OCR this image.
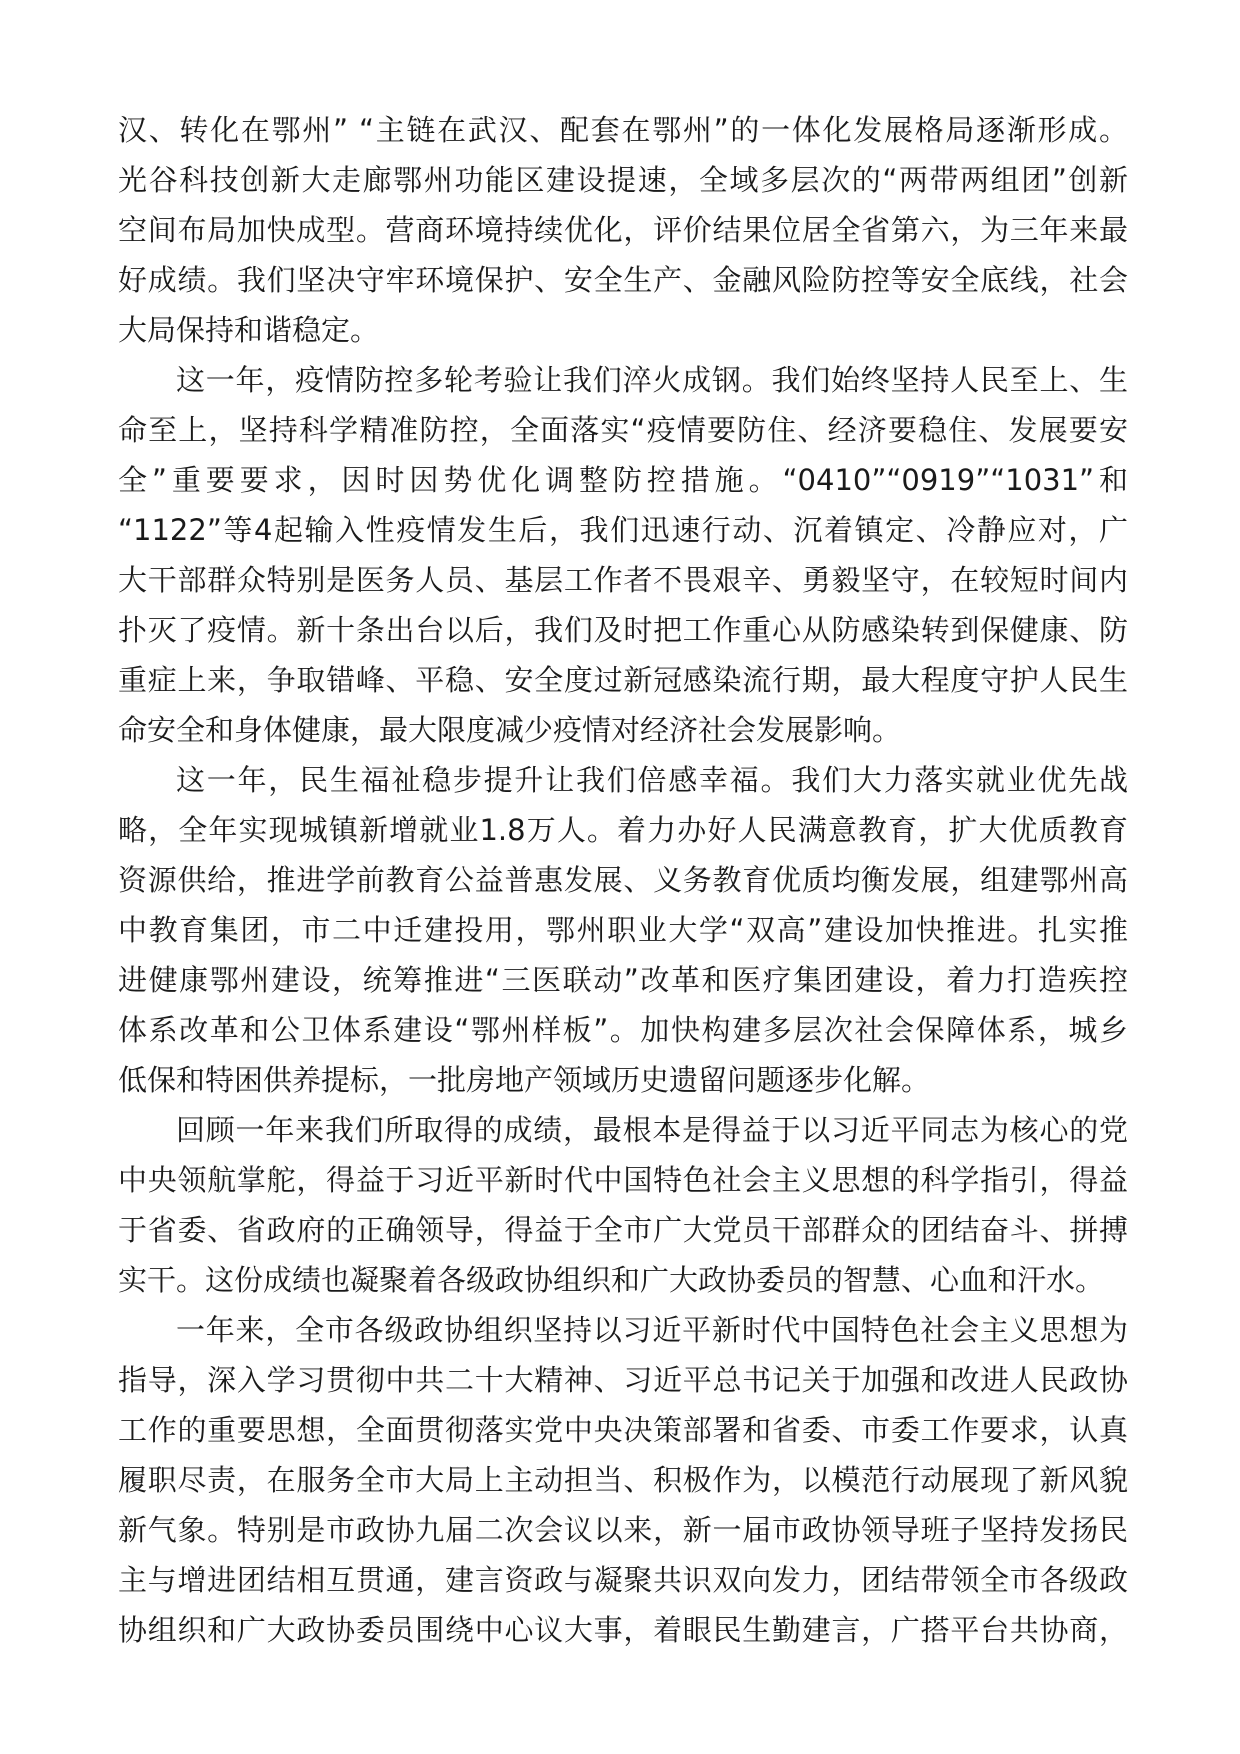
汉、转化在鄂州” “主链在武汉、配套在鄂州”的一体化发展格局逐渐形成。
光谷科技创新大走廊鄂州功能区建设提速，全域多层次的“两带两组团”创新
空间布局加快成型。营商环境持续优化，评价结果位居全省第六，为三年来最
好成绩。我们坚决守牢环境保护、安全生产、金融风险防控等安全底线，社会
大局保持和谐稳定。
这一年，疫情防控多轮考验让我们淬火成钢。我们始终坚持人民至上、生
命至上，坚持科学精准防控，全面落实“疫情要防住、经济要稳住、发展要安
全”重要要求，因时因势优化调整防控措施。“0410”“0919”“1031”和
“1122”等4起输入性疫情发生后，我们迅速行动、沉着镇定、冷静应对，广
大干部群众特别是医务人员、基层工作者不畏艰辛、勇毅坚守，在较短时间内
扑灭了疫情。新十条出台以后，我们及时把工作重心从防感染转到保健康、防
重症上来，争取错峰、平稳、安全度过新冠感染流行期，最大程度守护人民生
命安全和身体健康，最大限度减少疫情对经济社会发展影响。
这一年，民生福祉稳步提升让我们倍感幸福。我们大力落实就业优先战
略，全年实现城镇新增就业1.8万人。着力办好人民满意教育，扩大优质教育
资源供给，推进学前教育公益普惠发展、义务教育优质均衡发展，组建鄂州高
中教育集团，市二中迁建投用，鄂州职业大学“双高”建设加快推进。扎实推
进健康鄂州建设，统筹推进“三医联动”改革和医疗集团建设，着力打造疾控
体系改革和公卫体系建设“鄂州样板”。加快构建多层次社会保障体系，城乡
低保和特困供养提标，一批房地产领域历史遗留问题逐步化解。
回顾一年来我们所取得的成绩，最根本是得益于以习近平同志为核心的党
中央领航掌舵，得益于习近平新时代中国特色社会主义思想的科学指引，得益
于省委、省政府的正确领导，得益于全市广大党员干部群众的团结奋斗、拼搏
实干。这份成绩也凝聚着各级政协组织和广大政协委员的智慧、心血和汗水。
一年来，全市各级政协组织坚持以习近平新时代中国特色社会主义思想为
指导，深入学习贯彻中共二十大精神、习近平总书记关于加强和改进人民政协
工作的重要思想，全面贯彻落实党中央决策部署和省委、市委工作要求，认真
履职尽责，在服务全市大局上主动担当、积极作为，以模范行动展现了新风貌
新气象。特别是市政协九届二次会议以来，新一届市政协领导班子坚持发扬民
主与增进团结相互贯通，建言资政与凝聚共识双向发力，团结带领全市各级政
协组织和广大政协委员围绕中心议大事，着眼民生勤建言，广搭平台共协商，
